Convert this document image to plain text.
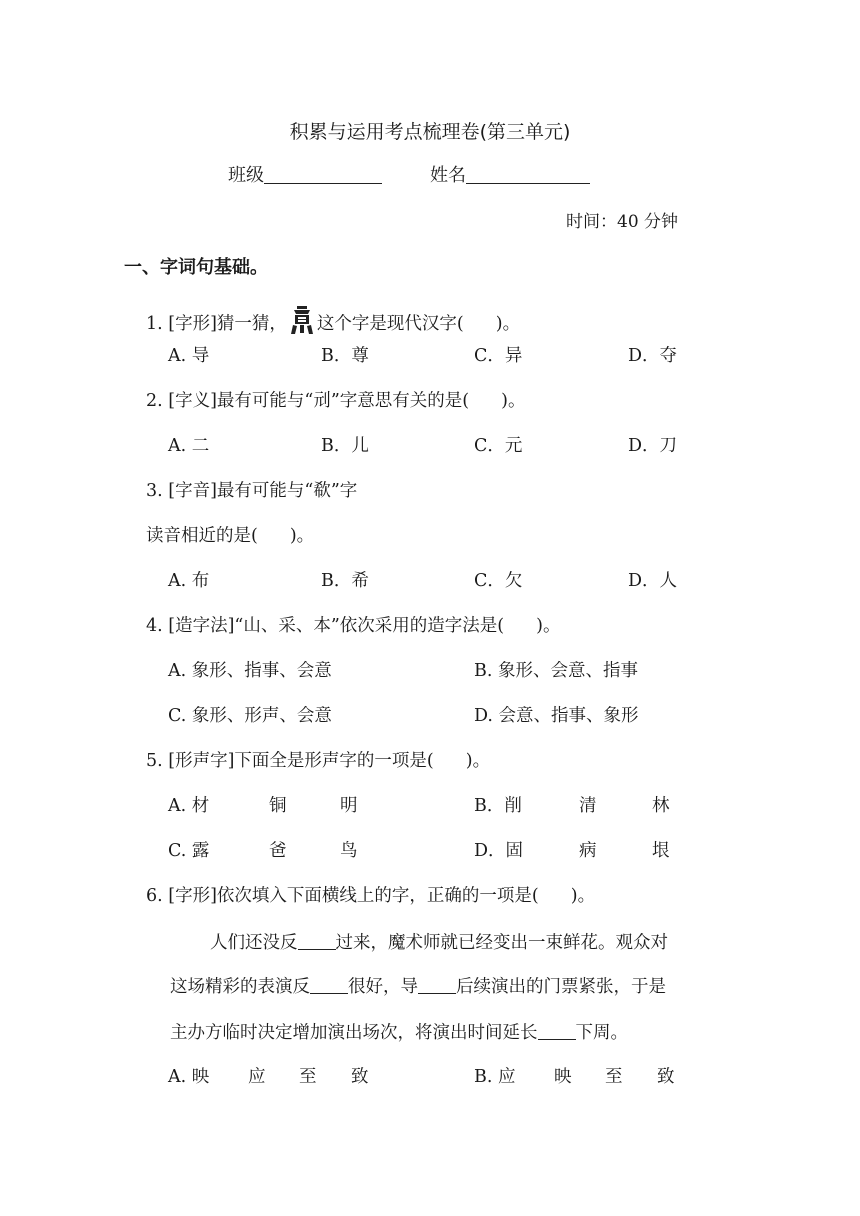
积累与运用考点梳理卷(第三单元)
班级	姓名
时间：40 分钟
一、字词句基础。
1. [字形]猜一猜， 这个字是现代汉字( )。
A. 导	B．尊	C．异	D．夺
2. [字义]最有可能与“刓”字意思有关的是( )。
A. 二	B．儿	C．元	D．刀
3. [字音]最有可能与“欷”字
读音相近的是( )。
A. 布	B．希	C．欠	D．人
4. [造字法]“山、采、本”依次采用的造字法是( )。
A. 象形、指事、会意	B. 象形、会意、指事
C. 象形、形声、会意	D. 会意、指事、象形
5. [形声字]下面全是形声字的一项是( )。
A. 材	铜	明	B．削	清	林
C. 露	爸	鸟	D．固	病	垠
6. [字形]依次填入下面横线上的字，正确的一项是( )。
人们还没反 过来，魔术师就已经变出一束鲜花。观众对
这场精彩的表演反 很好，导 后续演出的门票紧张，于是
主办方临时决定增加演出场次，将演出时间延长 下周。
A. 映 应 至 致	B. 应 映 至 致
